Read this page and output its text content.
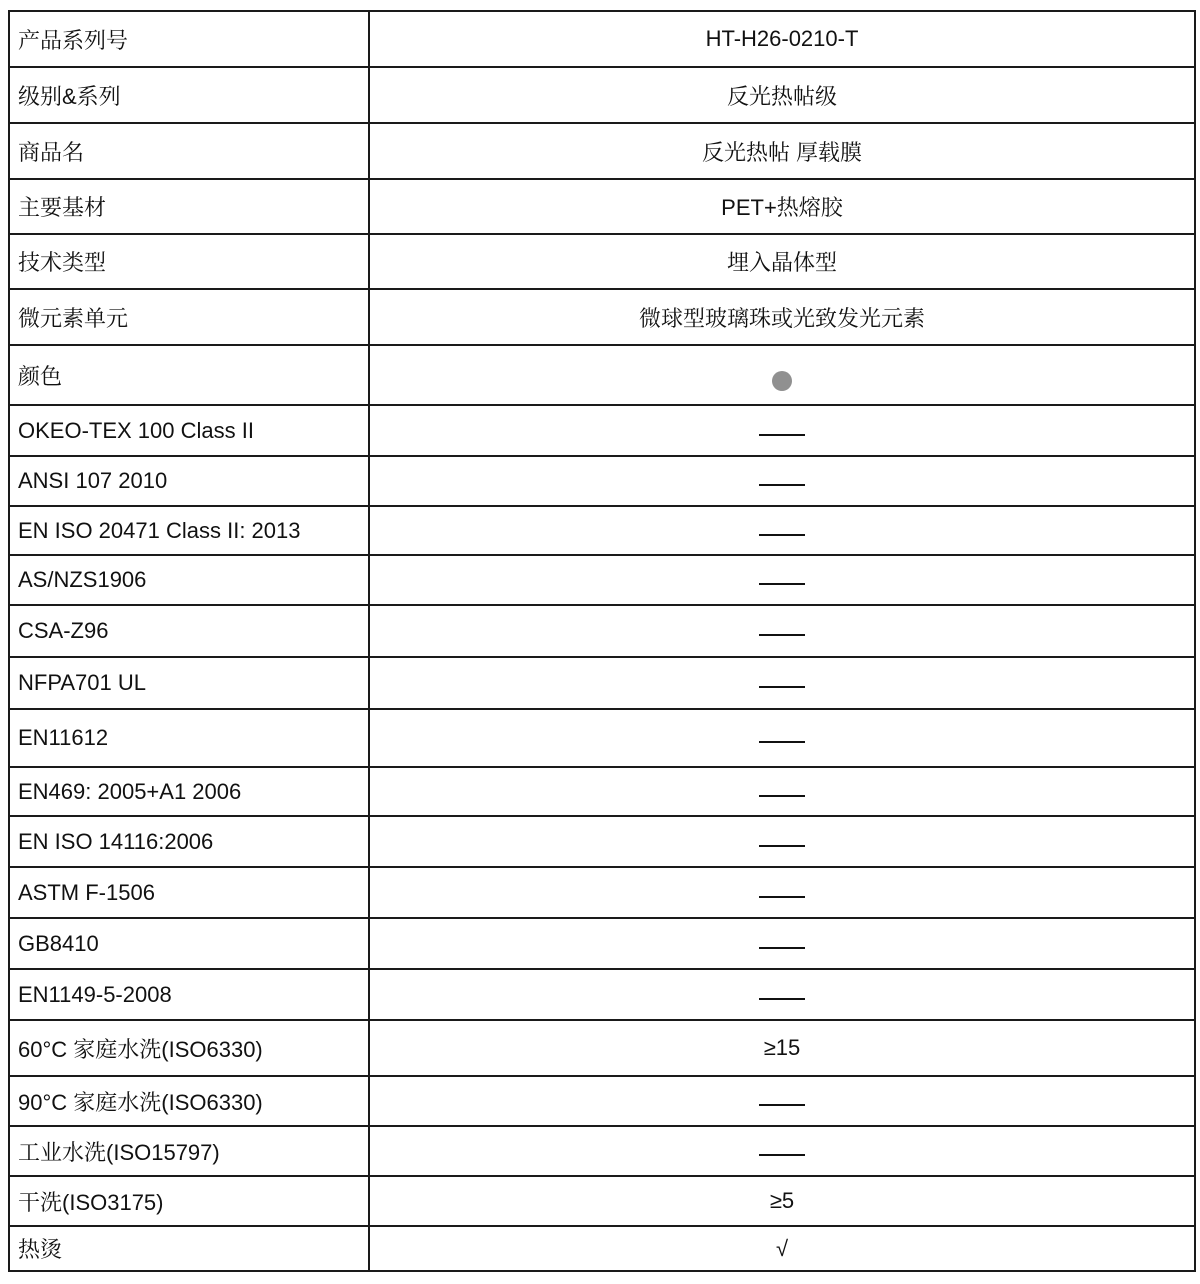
产品系列号	HT-H26-0210-T
级别&系列	反光热帖级
商品名	反光热帖 厚载膜
主要基材	PET+热熔胶
技术类型	埋入晶体型
微元素单元	微球型玻璃珠或光致发光元素
颜色	
OKEO-TEX 100 Class II	
ANSI 107 2010	
EN ISO 20471 Class II: 2013	
AS/NZS1906	
CSA-Z96	
NFPA701 UL	
EN11612	
EN469: 2005+A1 2006	
EN ISO 14116:2006	
ASTM F-1506	
GB8410	
EN1149-5-2008	
60°C 家庭水洗(ISO6330)	≥15
90°C 家庭水洗(ISO6330)	
工业水洗(ISO15797)	
干洗(ISO3175)	≥5
热烫	√
